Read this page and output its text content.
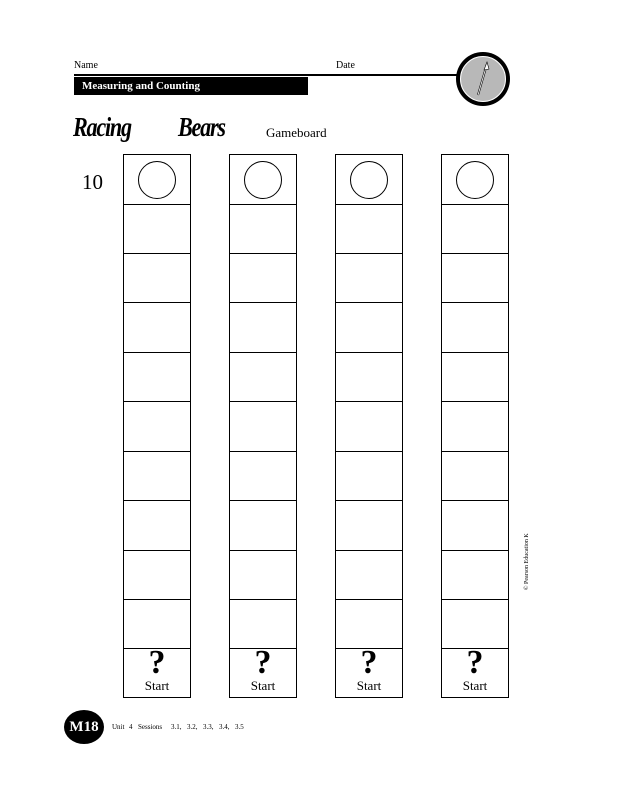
Name	Date
Measuring and Counting
Racing Bears	Gameboard
10
?
Start
?
Start
?
Start
?
Start
© Pearson Education K
M18	Unit 4 Sessions 3.1, 3.2, 3.3, 3.4, 3.5
